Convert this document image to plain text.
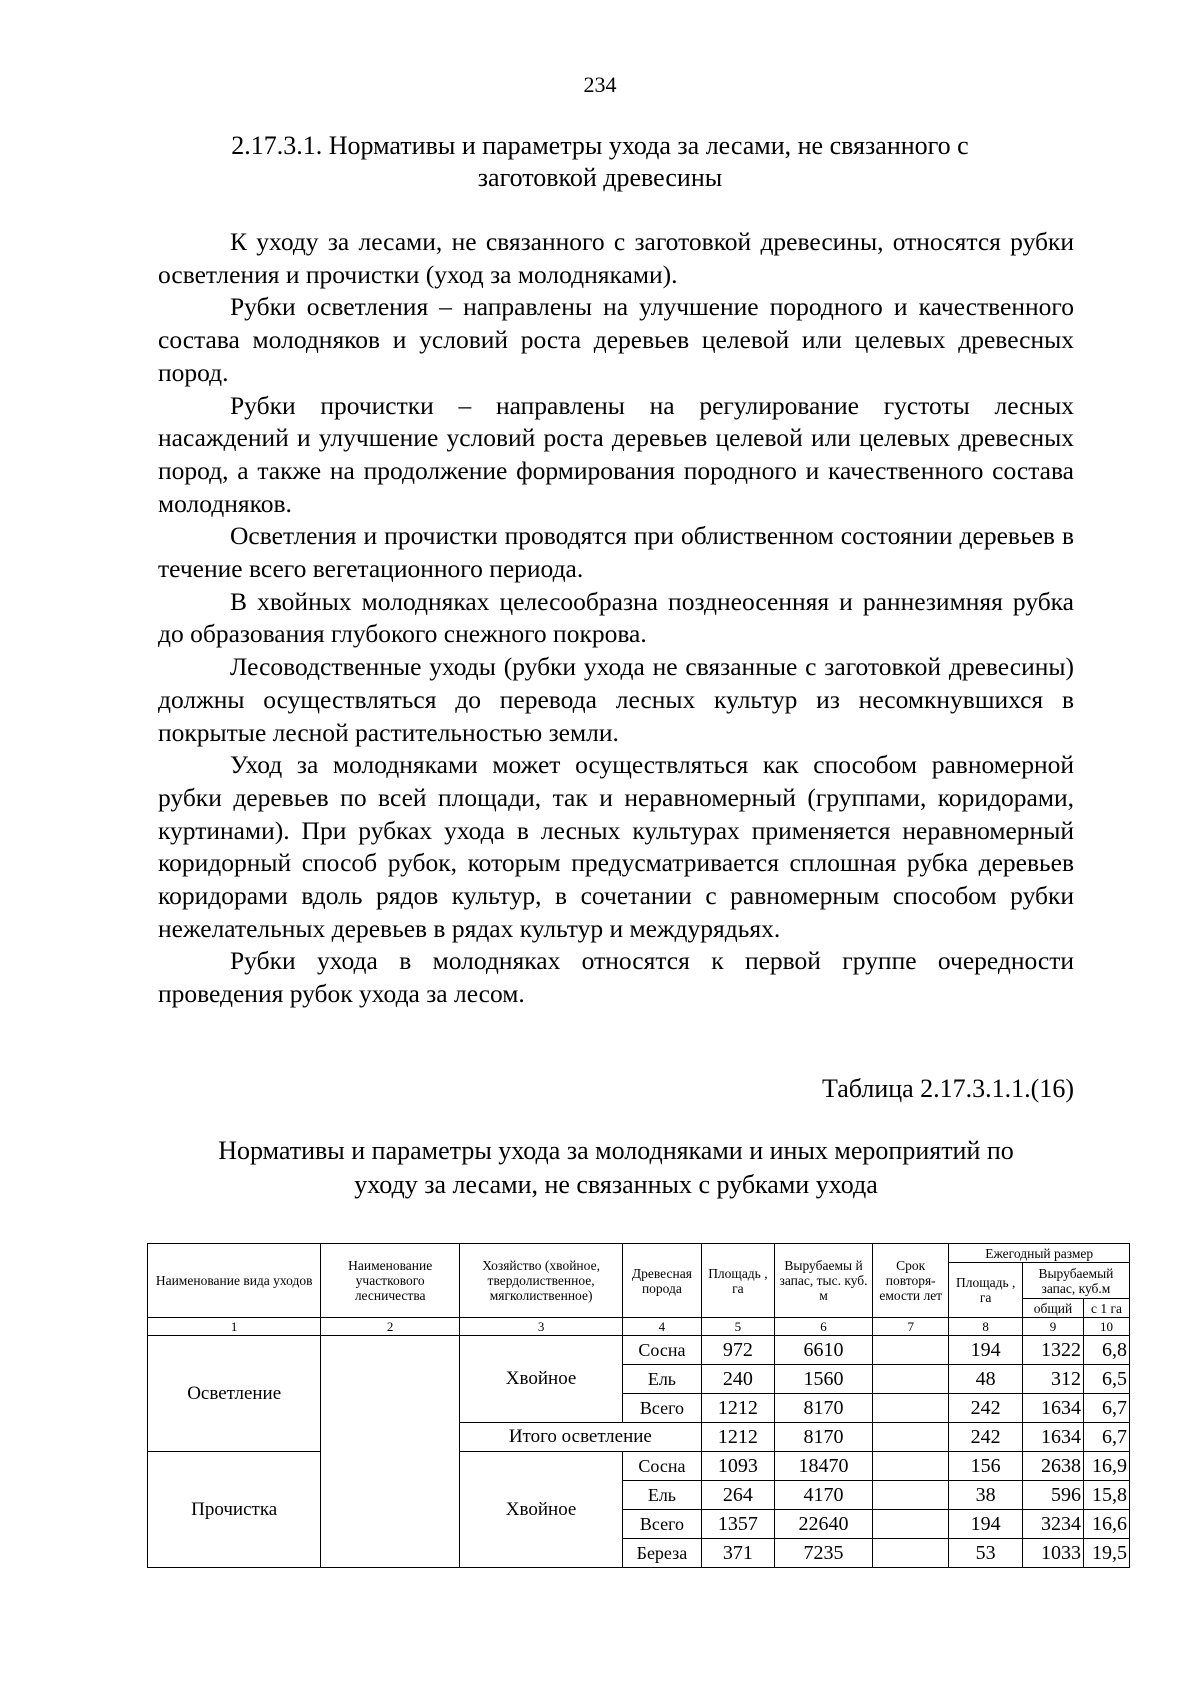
234
2.17.3.1. Нормативы и параметры ухода за лесами, не связанного с
заготовкой древесины

К уходу за лесами, не связанного с заготовкой древесины, относятся рубки осветления и прочистки (уход за молодняками).

Рубки осветления – направлены на улучшение породного и качественного состава молодняков и условий роста деревьев целевой или целевых древесных пород.

Рубки прочистки – направлены на регулирование густоты лесных насаждений и улучшение условий роста деревьев целевой или целевых древесных пород, а также на продолжение формирования породного и качественного состава молодняков.

Осветления и прочистки проводятся при облиственном состоянии деревьев в течение всего вегетационного периода.

В хвойных молодняках целесообразна позднеосенняя и раннезимняя рубка до образования глубокого снежного покрова.

Лесоводственные уходы (рубки ухода не связанные с заготовкой древесины) должны осуществляться до перевода лесных культур из несомкнувшихся в покрытые лесной растительностью земли.

Уход за молодняками может осуществляться как способом равномерной рубки деревьев по всей площади, так и неравномерный (группами, коридорами, куртинами). При рубках ухода в лесных культурах применяется неравномерный коридорный способ рубок, которым предусматривается сплошная рубка деревьев коридорами вдоль рядов культур, в сочетании с равномерным способом рубки нежелательных деревьев в рядах культур и междурядьях.

Рубки ухода в молодняках относятся к первой группе очередности проведения рубок ухода за лесом.

Таблица 2.17.3.1.1.(16)
Нормативы и параметры ухода за молодняками и иных мероприятий по
уходу за лесами, не связанных с рубками ухода
Наименование вида уходов	Наименование участкового лесничества	Хозяйство (хвойное, твердолиственное, мягколиственное)	Древесная порода	Площадь , га	Вырубаемы й запас, тыс. куб. м	Срок повторя- емости лет	Ежегодный размер		
							Площадь , га	Вырубаемый запас, куб.м	
								общий	с 1 га
1	2	3	4	5	6	7	8	9	10
Осветление		Хвойное	Сосна	972	6610		194	1322	6,8
			Ель	240	1560		48	312	6,5
			Всего	1212	8170		242	1634	6,7
		Итого осветление		1212	8170		242	1634	6,7
Прочистка		Хвойное	Сосна	1093	18470		156	2638	16,9
			Ель	264	4170		38	596	15,8
			Всего	1357	22640		194	3234	16,6
			Береза	371	7235		53	1033	19,5
